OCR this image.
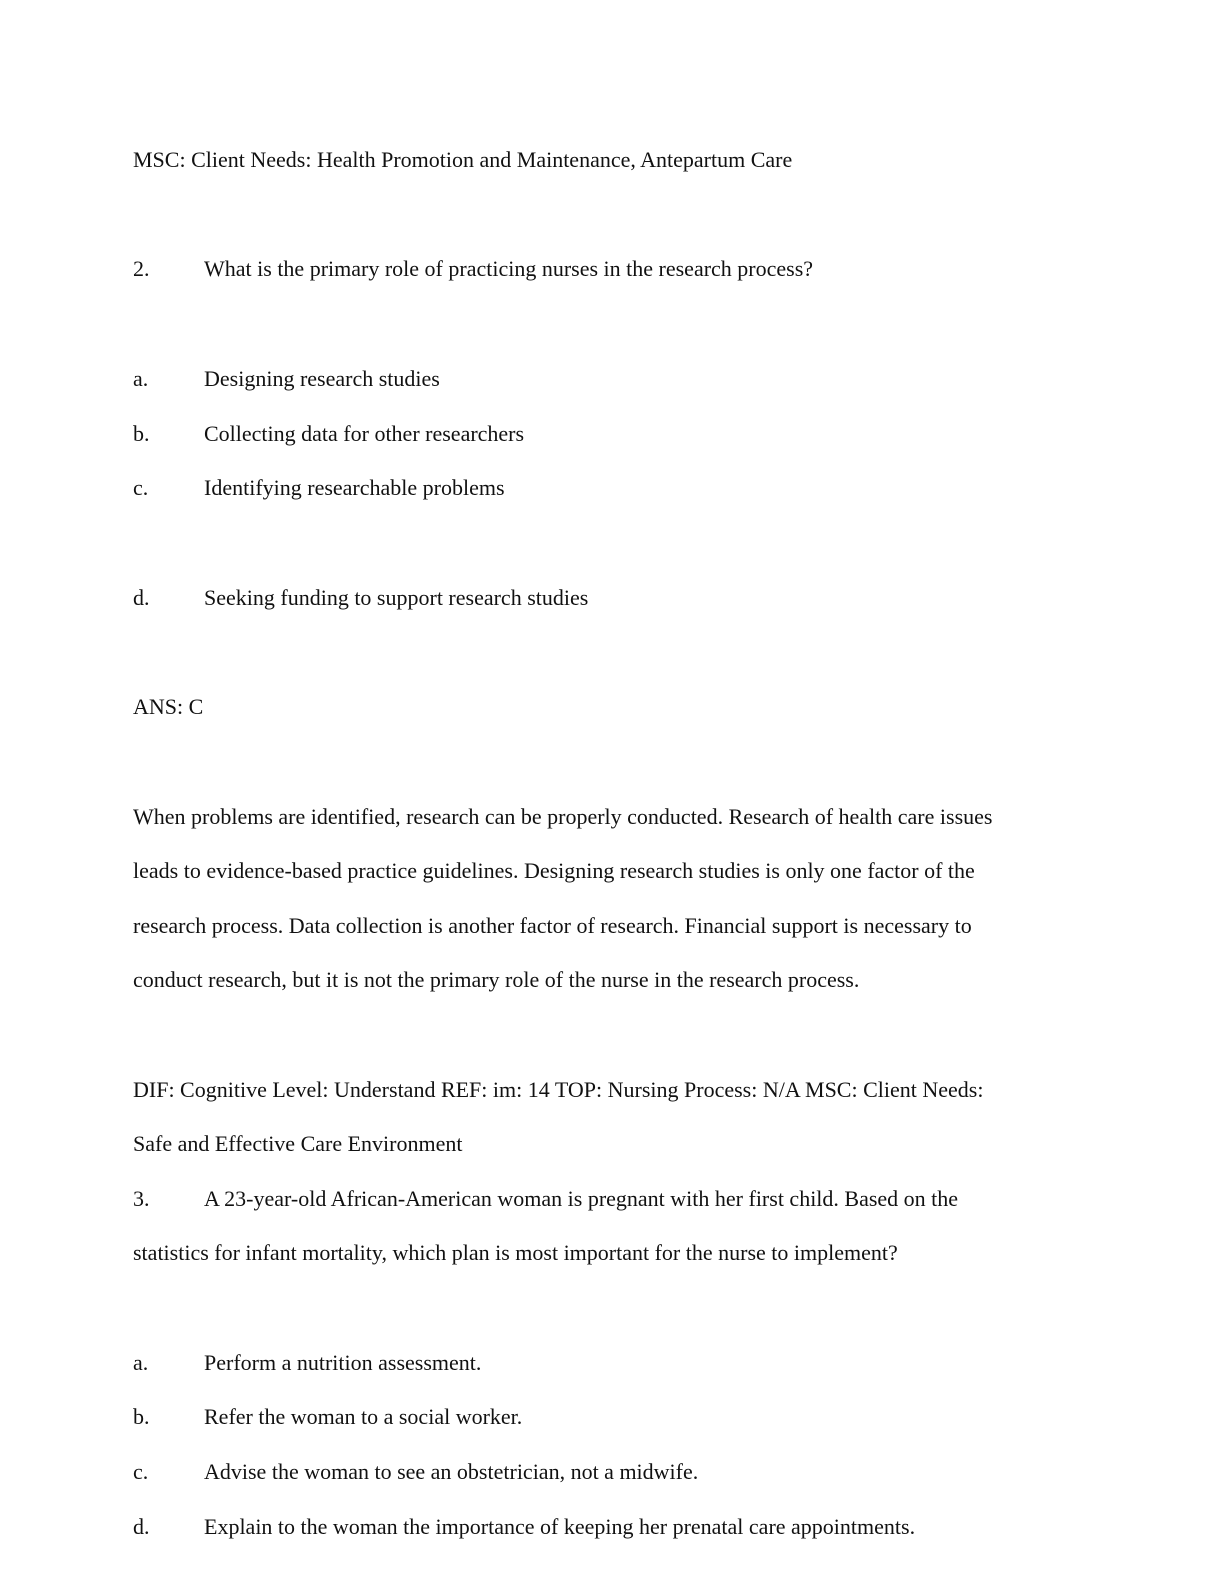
MSC: Client Needs: Health Promotion and Maintenance, Antepartum Care
2. What is the primary role of practicing nurses in the research process?
a.	Designing research studies
b. Collecting data for other researchers
c.	Identifying researchable problems
d. Seeking funding to support research studies
ANS: C
When problems are identified, research can be properly conducted. Research of health care issues
leads to evidence-based practice guidelines. Designing research studies is only one factor of the
research process. Data collection is another factor of research. Financial support is necessary to
conduct research, but it is not the primary role of the nurse in the research process.
DIF: Cognitive Level: Understand REF: im: 14 TOP: Nursing Process: N/A MSC: Client Needs:
Safe and Effective Care Environment
3. A 23-year-old African-American woman is pregnant with her first child. Based on the
statistics for infant mortality, which plan is most important for the nurse to implement?
a.	Perform a nutrition assessment.
b. Refer the woman to a social worker.
c.	Advise the woman to see an obstetrician, not a midwife.
d. Explain to the woman the importance of keeping her prenatal care appointments.
